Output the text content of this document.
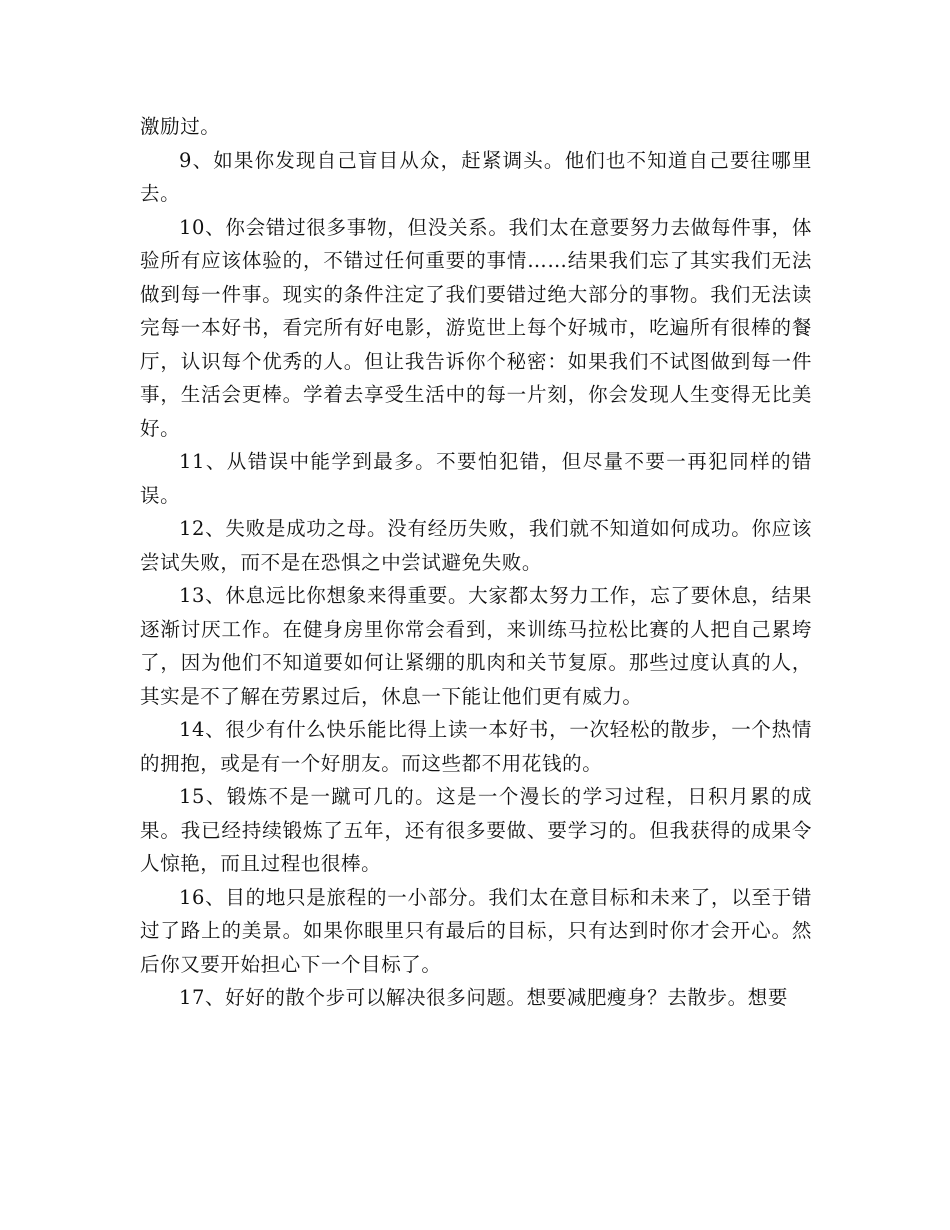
激励过。

9、如果你发现自己盲目从众，赶紧调头。他们也不知道自己要往哪里去。

10、你会错过很多事物，但没关系。我们太在意要努力去做每件事，体验所有应该体验的，不错过任何重要的事情……结果我们忘了其实我们无法做到每一件事。现实的条件注定了我们要错过绝大部分的事物。我们无法读完每一本好书，看完所有好电影，游览世上每个好城市，吃遍所有很棒的餐厅，认识每个优秀的人。但让我告诉你个秘密：如果我们不试图做到每一件事，生活会更棒。学着去享受生活中的每一片刻，你会发现人生变得无比美好。

11、从错误中能学到最多。不要怕犯错，但尽量不要一再犯同样的错误。

12、失败是成功之母。没有经历失败，我们就不知道如何成功。你应该尝试失败，而不是在恐惧之中尝试避免失败。

13、休息远比你想象来得重要。大家都太努力工作，忘了要休息，结果逐渐讨厌工作。在健身房里你常会看到，来训练马拉松比赛的人把自己累垮了，因为他们不知道要如何让紧绷的肌肉和关节复原。那些过度认真的人，其实是不了解在劳累过后，休息一下能让他们更有威力。

14、很少有什么快乐能比得上读一本好书，一次轻松的散步，一个热情的拥抱，或是有一个好朋友。而这些都不用花钱的。

15、锻炼不是一蹴可几的。这是一个漫长的学习过程，日积月累的成果。我已经持续锻炼了五年，还有很多要做、要学习的。但我获得的成果令人惊艳，而且过程也很棒。

16、目的地只是旅程的一小部分。我们太在意目标和未来了，以至于错过了路上的美景。如果你眼里只有最后的目标，只有达到时你才会开心。然后你又要开始担心下一个目标了。

17、好好的散个步可以解决很多问题。想要减肥瘦身？去散步。想要
